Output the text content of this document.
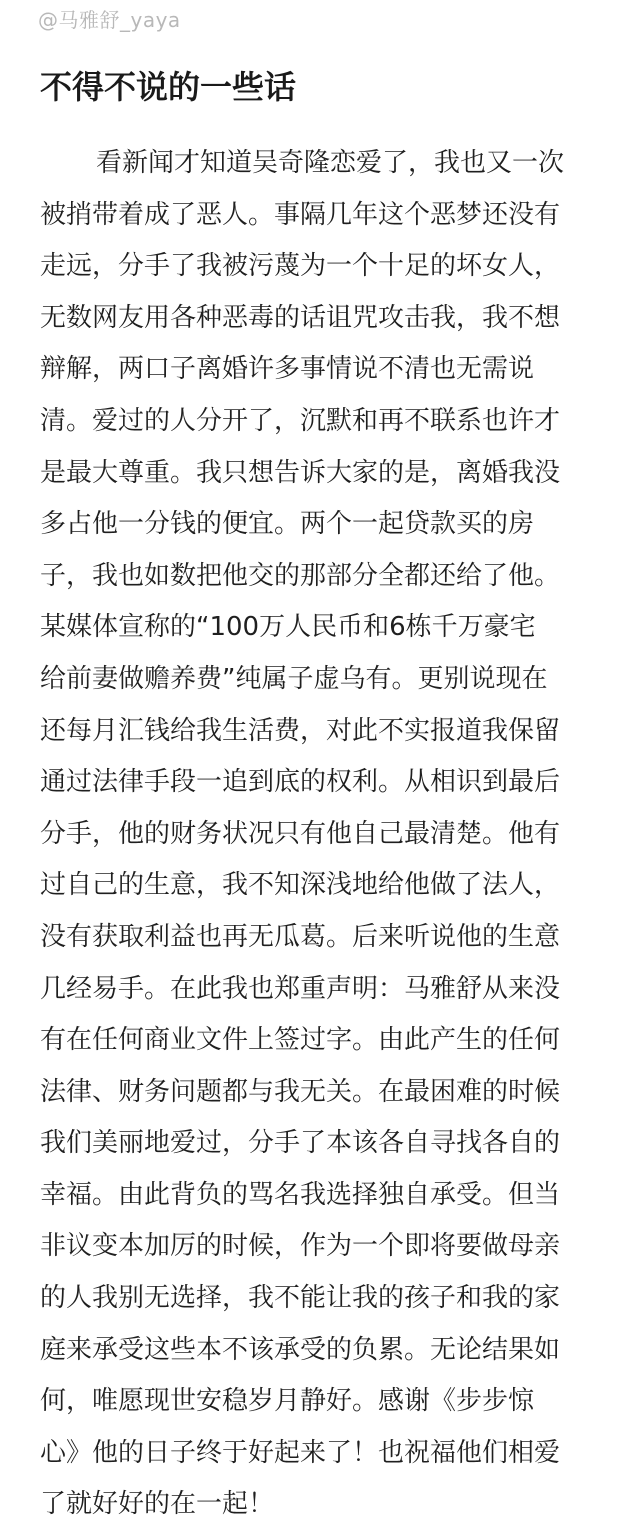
@马雅舒_yaya
不得不说的一些话
看新闻才知道吴奇隆恋爱了，我也又一次
被捎带着成了恶人。事隔几年这个恶梦还没有
走远，分手了我被污蔑为一个十足的坏女人，
无数网友用各种恶毒的话诅咒攻击我，我不想
辩解，两口子离婚许多事情说不清也无需说
清。爱过的人分开了，沉默和再不联系也许才
是最大尊重。我只想告诉大家的是，离婚我没
多占他一分钱的便宜。两个一起贷款买的房
子，我也如数把他交的那部分全都还给了他。
某媒体宣称的“100万人民币和6栋千万豪宅
给前妻做赡养费”纯属子虚乌有。更别说现在
还每月汇钱给我生活费，对此不实报道我保留
通过法律手段一追到底的权利。从相识到最后
分手，他的财务状况只有他自己最清楚。他有
过自己的生意，我不知深浅地给他做了法人，
没有获取利益也再无瓜葛。后来听说他的生意
几经易手。在此我也郑重声明：马雅舒从来没
有在任何商业文件上签过字。由此产生的任何
法律、财务问题都与我无关。在最困难的时候
我们美丽地爱过，分手了本该各自寻找各自的
幸福。由此背负的骂名我选择独自承受。但当
非议变本加厉的时候，作为一个即将要做母亲
的人我别无选择，我不能让我的孩子和我的家
庭来承受这些本不该承受的负累。无论结果如
何，唯愿现世安稳岁月静好。感谢《步步惊
心》他的日子终于好起来了！也祝福他们相爱
了就好好的在一起！
